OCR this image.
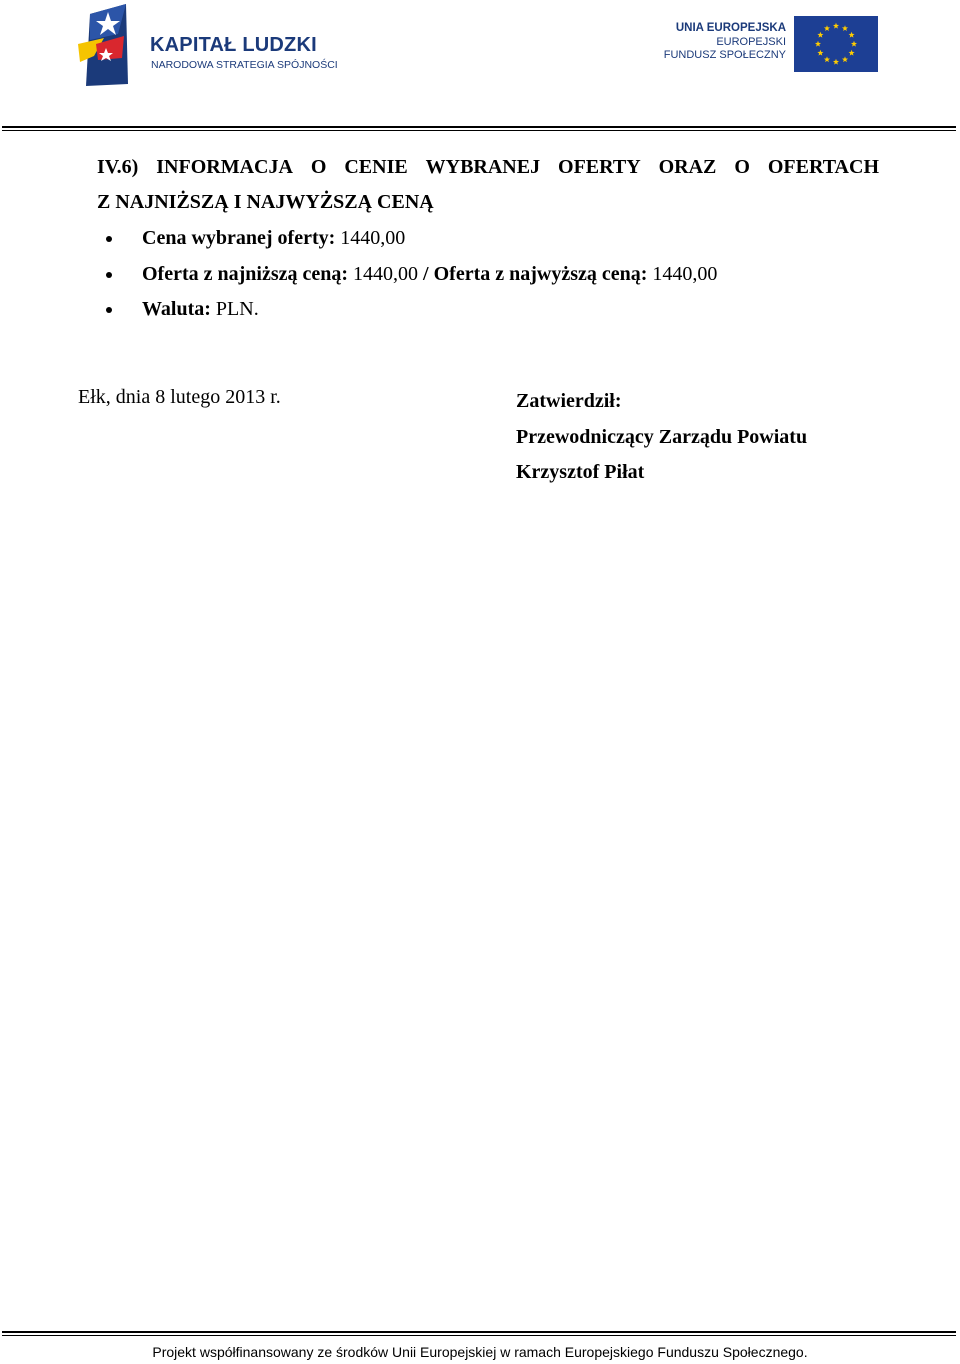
KAPITAŁ LUDZKI
NARODOWA STRATEGIA SPÓJNOŚCI
UNIA EUROPEJSKA
EUROPEJSKI
FUNDUSZ SPOŁECZNY
IV.6) INFORMACJA O CENIE WYBRANEJ OFERTY ORAZ O OFERTACH
Z NAJNIŻSZĄ I NAJWYŻSZĄ CENĄ
Cena wybranej oferty: 1440,00
Oferta z najniższą ceną: 1440,00 / Oferta z najwyższą ceną: 1440,00
Waluta: PLN.
Ełk, dnia 8 lutego 2013 r.	Zatwierdził:
Przewodniczący Zarządu Powiatu
Krzysztof Piłat
Projekt współfinansowany ze środków Unii Europejskiej w ramach Europejskiego Funduszu Społecznego.
